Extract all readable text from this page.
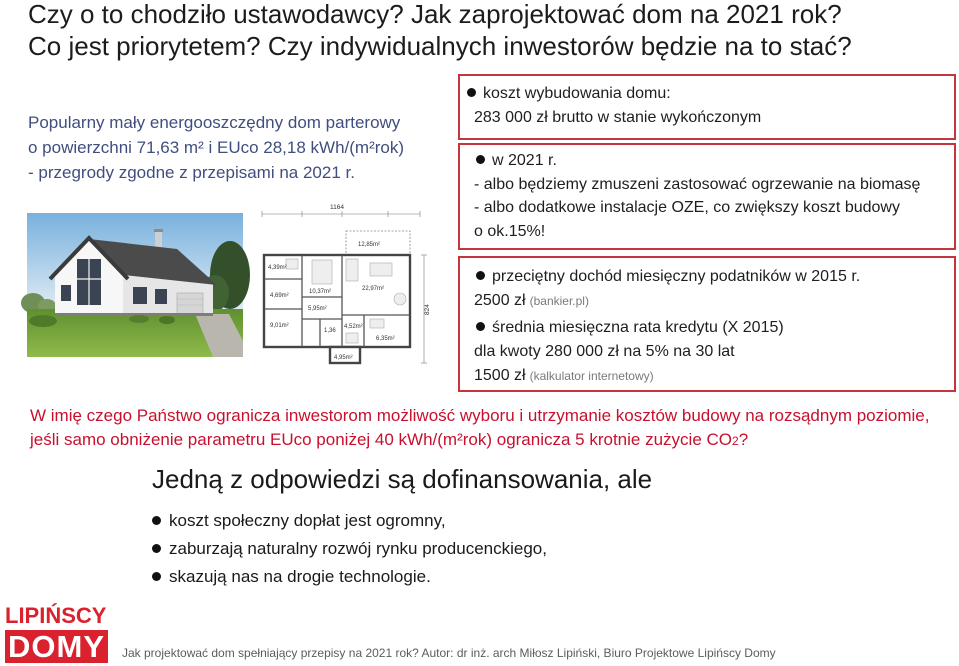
Czy o to chodziło ustawodawcy? Jak zaprojektować dom na 2021 rok?
Co jest priorytetem? Czy indywidualnych inwestorów będzie na to stać?
Popularny mały energooszczędny dom parterowy
o powierzchni 71,63 m² i EUco 28,18 kWh/(m²rok)
- przegrody zgodne z przepisami na 2021 r.
1164
824
12,85m²
4,39m²
4,69m²
10,37m²
5,95m²
22,97m²
9,01m²
1,36
4,52m²
6,35m²
4,95m²
koszt wybudowania domu:
283 000 zł brutto w stanie wykończonym
w 2021 r.
- albo będziemy zmuszeni zastosować ogrzewanie na biomasę
- albo dodatkowe instalacje OZE, co zwiększy koszt budowy
o ok.15%!
przeciętny dochód miesięczny podatników w 2015 r.
2500 zł (bankier.pl)
średnia miesięczna rata kredytu (X 2015)
dla kwoty 280 000 zł na 5% na 30 lat
1500 zł (kalkulator internetowy)
W imię czego Państwo ogranicza inwestorom możliwość wyboru i utrzymanie kosztów budowy na rozsądnym poziomie,
jeśli samo obniżenie parametru EUco poniżej 40 kWh/(m²rok) ogranicza 5 krotnie zużycie CO2?
Jedną z odpowiedzi są dofinansowania, ale
koszt społeczny dopłat jest ogromny,
zaburzają naturalny rozwój rynku producenckiego,
skazują nas na drogie technologie.
LIPIŃSCY
DOMY Jak projektować dom spełniający przepisy na 2021 rok? Autor: dr inż. arch Miłosz Lipiński, Biuro Projektowe Lipińscy Domy
